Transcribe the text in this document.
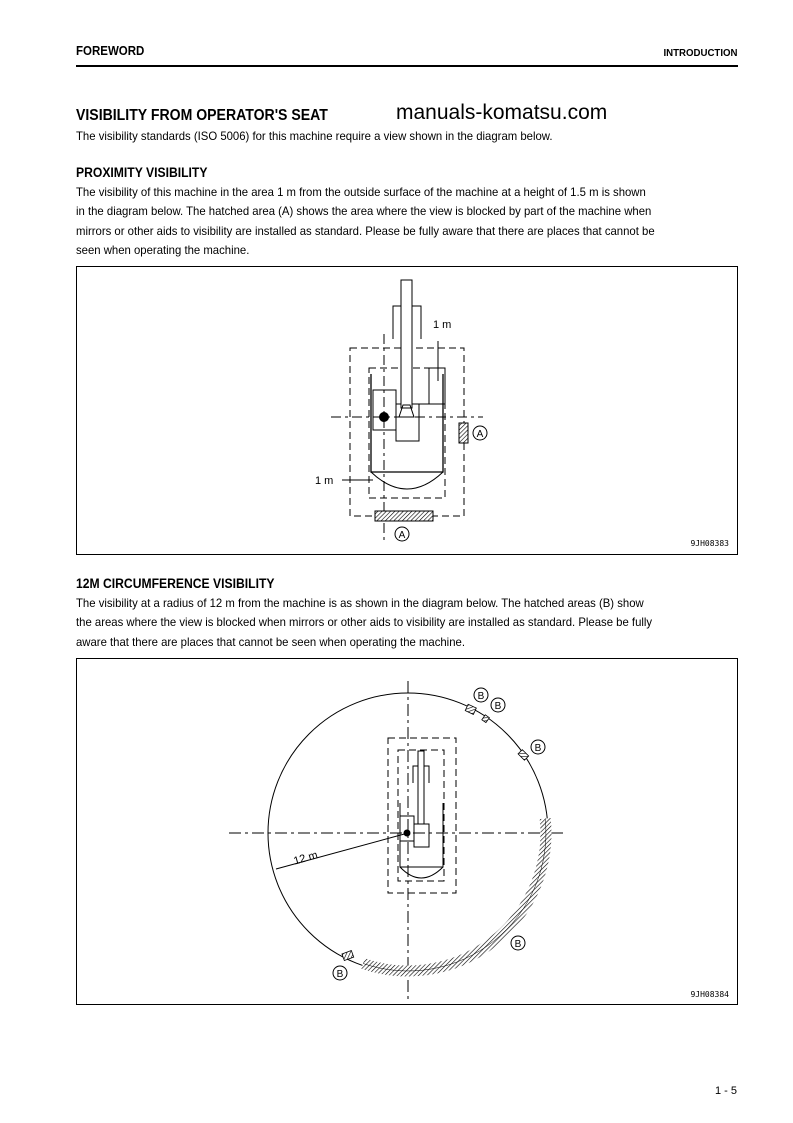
FOREWORD	INTRODUCTION
VISIBILITY FROM OPERATOR'S SEAT	manuals-komatsu.com
The visibility standards (ISO 5006) for this machine require a view shown in the diagram below.
PROXIMITY VISIBILITY
The visibility of this machine in the area 1 m from the outside surface of the machine at a height of 1.5 m is shown
in the diagram below. The hatched area (A) shows the area where the view is blocked by part of the machine when
mirrors or other aids to visibility are installed as standard. Please be fully aware that there are places that cannot be
seen when operating the machine.
A
A
1 m
1 m
9JH08383
12M CIRCUMFERENCE VISIBILITY
The visibility at a radius of 12 m from the machine is as shown in the diagram below. The hatched areas (B) show
the areas where the view is blocked when mirrors or other aids to visibility are installed as standard. Please be fully
aware that there are places that cannot be seen when operating the machine.
B
B
B
B
B
12 m
9JH08384
1 - 5
